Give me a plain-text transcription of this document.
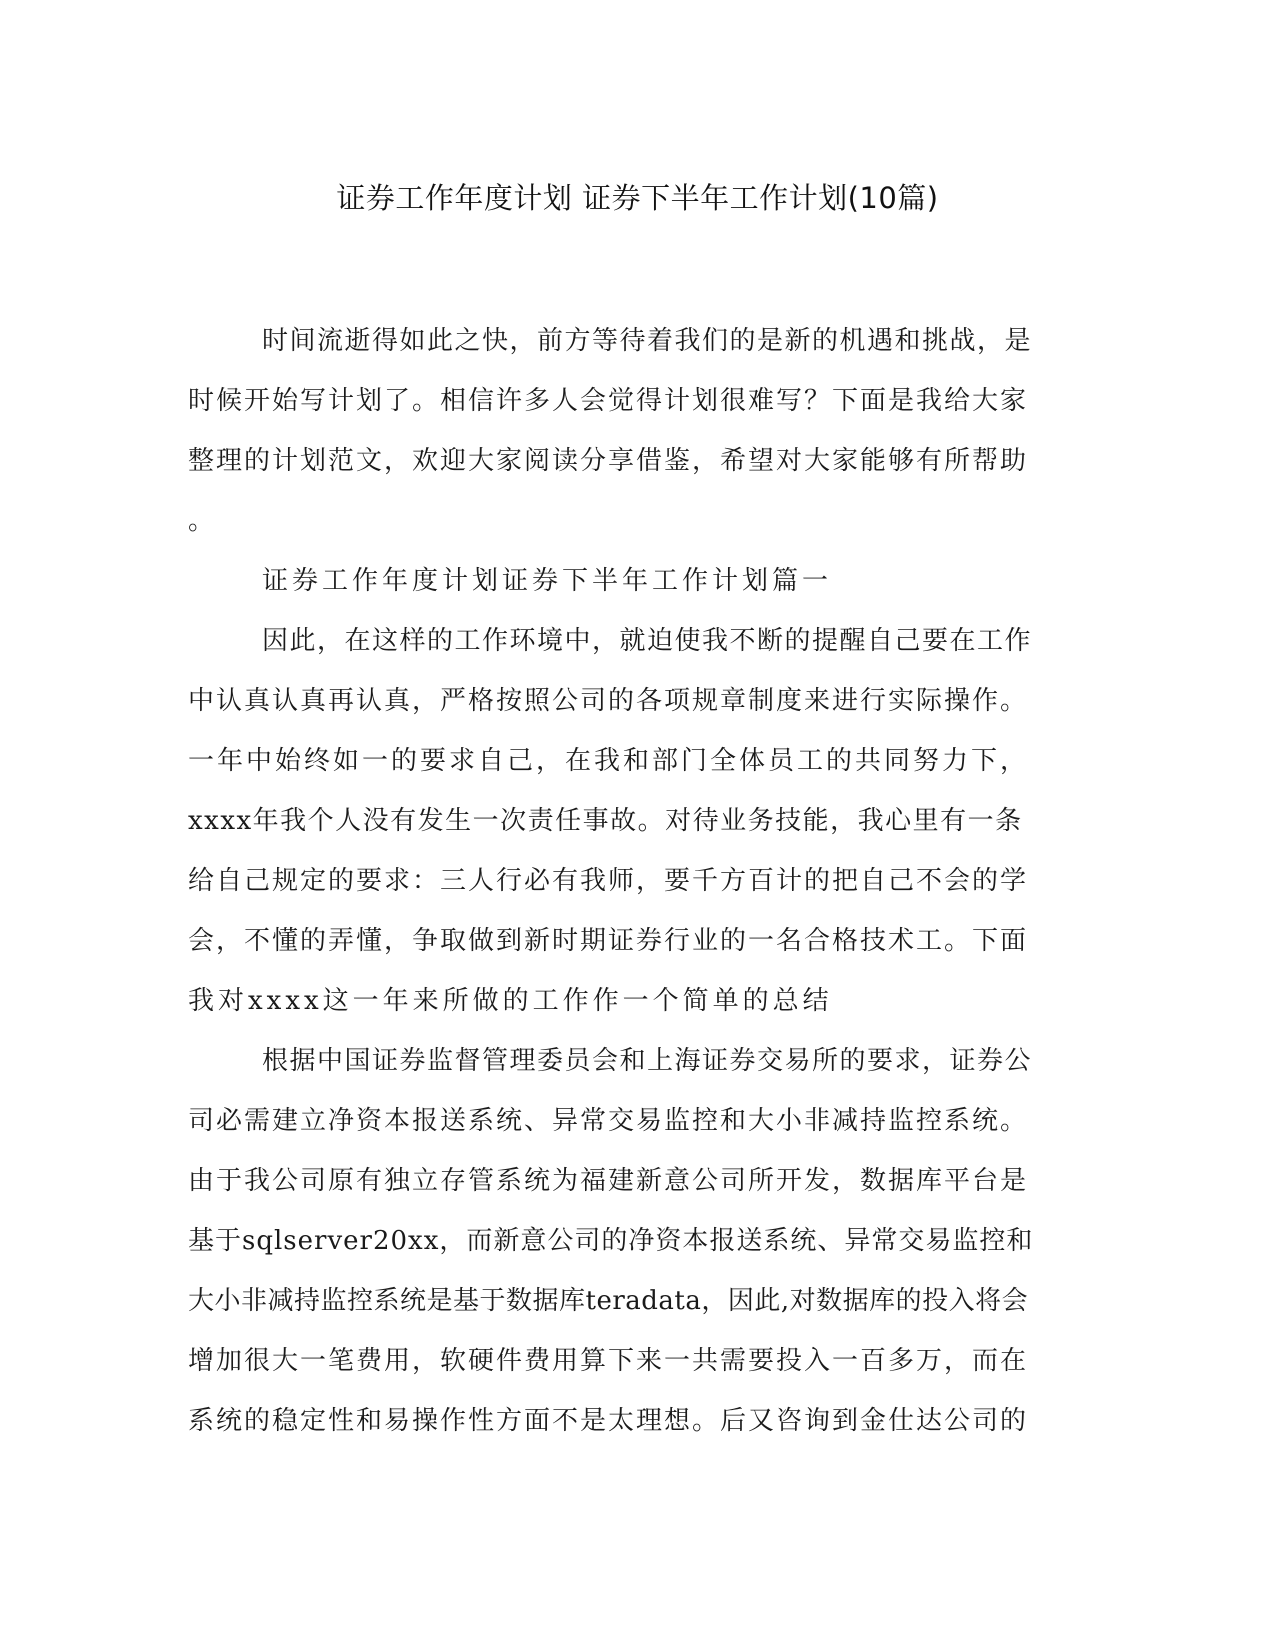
证券工作年度计划 证券下半年工作计划(10篇)
时间流逝得如此之快，前方等待着我们的是新的机遇和挑战，是
时候开始写计划了。相信许多人会觉得计划很难写？下面是我给大家
整理的计划范文，欢迎大家阅读分享借鉴，希望对大家能够有所帮助
。
证券工作年度计划证券下半年工作计划篇一
因此，在这样的工作环境中，就迫使我不断的提醒自己要在工作
中认真认真再认真，严格按照公司的各项规章制度来进行实际操作。
一年中始终如一的要求自己，在我和部门全体员工的共同努力下，
xxxx年我个人没有发生一次责任事故。对待业务技能，我心里有一条
给自己规定的要求：三人行必有我师，要千方百计的把自己不会的学
会，不懂的弄懂，争取做到新时期证券行业的一名合格技术工。下面
我对xxxx这一年来所做的工作作一个简单的总结
根据中国证券监督管理委员会和上海证券交易所的要求，证券公
司必需建立净资本报送系统、异常交易监控和大小非减持监控系统。
由于我公司原有独立存管系统为福建新意公司所开发，数据库平台是
基于sqlserver20xx，而新意公司的净资本报送系统、异常交易监控和
大小非减持监控系统是基于数据库teradata，因此,对数据库的投入将会
增加很大一笔费用，软硬件费用算下来一共需要投入一百多万，而在
系统的稳定性和易操作性方面不是太理想。后又咨询到金仕达公司的
